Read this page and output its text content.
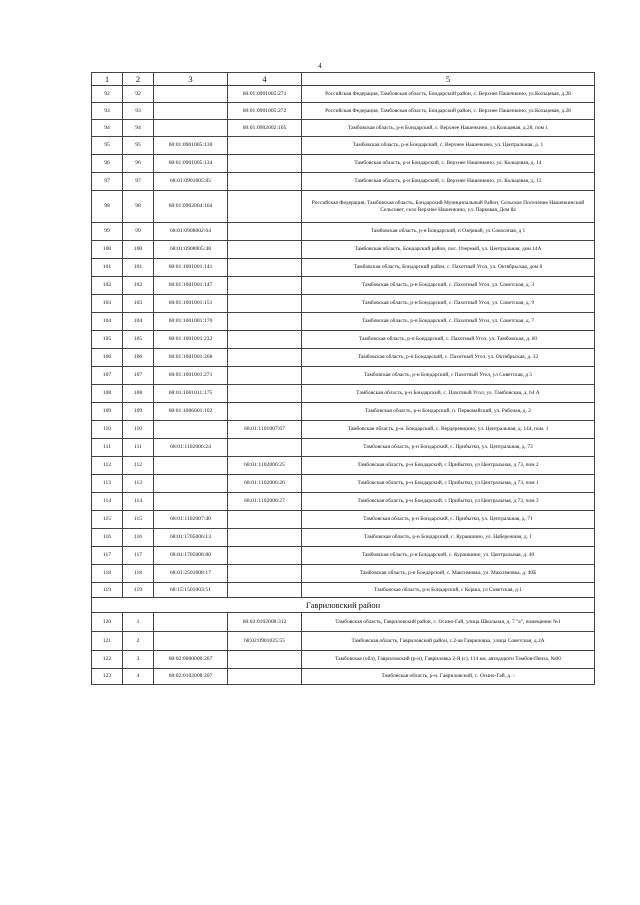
4
1	2	3	4	5
92	92		68:01:0901005:271	Российская Федерация, Тамбовская область, Бондарский район, с. Верхнее Пашенкино, ул.Кольцевая, д.28
93	93		68:01:0901005:272	Российская Федерация, Тамбовская область, Бондарский район, с. Верхнее Пашенкино, ул.Кольцевая, д.28
94	94		68:01:0902002:105	Тамбовская область, р-н Бондарский, с. Верхнее Нашенкино, ул.Кольцевая, д.28, пом 1
95	95	68:01:0901005:130		Тамбовская область, р-н Бондарский, с. Верхнее Нашенкино, ул. Центральная, д. 1
96	96	68:01:0901005:134		Тамбовская область, р-н Бондарский, с. Верхнее Нашенкино, ул. Кольцевая, д. 14
97	97	68:01:0901005:85		Тамбовская область, р-н Бондарский, с. Верхнее Нашенкино, ул. Кольцевая, д. 12
98	98	68:01:0902004:164		Российская Федерация, Тамбовская область, Бондарский Муниципальный Район, Сельское Поселение Нашенкинский Сельсовет, село Верхнее Нашенкино, ул. Парковая, Дом 8а
99	99	68:01:0908002:64		Тамбовская область, р-н Бондарский, п Озерный, ул Совхозная, д 1
100	100	68:01:0908005:48		Тамбовская область, Бондарский район, пос. Озерный, ул. Центральная, дом 14А
101	101	68:01:1001001:141		Тамбовская область, Бондарский район, с. Пахотный Угол, ул. Октябрьская, дом 8
102	102	68:01:1001001:147		Тамбовская область, р-н Бондарский, с. Пахотный Угол, ул. Советская, д. 3
103	103	68:01:1001001:151		Тамбовская область, р-н Бондарский, с. Пахотный Угол, ул. Советская, д. 9
104	104	68:01:1001001:170		Тамбовская область, р-н Бондарский, с. Пахотный Угол, ул. Советская, д. 7
105	105	68:01:1001001:232		Тамбовская область, р-н Бондарский, с. Пахотный Угол, ул. Тамбовская, д. 60
106	106	68:01:1001001:268		Тамбовская область, р-н Бондарский, с. Пахотный Угол, ул. Октябрьская, д. 32
107	107	68:01:1001001:271		Тамбовская область, р-н Бондарский, с Пахотный Угол, ул Советская, д 5
108	108	68:01:1001011:175		Тамбовская область, р-н Бондарский, с. Пахотный Угол, ул. Тамбовская, д. 64 А
109	109	68:01:1006001:102		Тамбовская область, р-н Бондарский, п. Первомайский, ул. Рабочая, д. 2
110	110		68:01:1101007:67	Тамбовская область, р-н. Бондарский, с. Вердеревщино, ул. Центральная, д. 144, пом. 1
111	111	68:01:1102006:24		Тамбовская область, р-н Бондарский, с. Прибытки, ул. Центральная, д. 73
112	112		68:01:1102006:25	Тамбовская область, р-н Бондарский, с Прибытки, ул Центральная, д 73, пом 2
113	113		68:01:1102006:26	Тамбовская область, р-н Бондарский, с Прибытки, ул Центральная, д 73, пом 1
114	114		68:01:1102006:27	Тамбовская область, р-н Бондарский, с Прибытки, ул Центральная, д 73, пом 3
115	115	68:01:1102007:40		Тамбовская область, р-н Бондарский, с. Прибытки, ул. Центральная, д. 71
116	116	68:01:1705006:13		Тамбовская область, р-н Бондарский, с. Кураншино, ул. Набережная, д. 1
117	117	68:01:1705006:80		Тамбовская область, р-н Бондарский, с. Кураншино, ул. Центральная, д. 40
118	118	68:01:2501008:17		Тамбовская область, р-н Бондарский, с. Максимовка, ул. Максимовка, д. 40Б
119	119	68:15:1501003:51		Тамбовская область, р-н Бондарский, с Керша, ул Советская, д 1
Гавриловский район				
120	1		68:02:0102008:312	Тамбовская область, Гавриловский район, с. Осино-Гай, улица Школьная, д. 7 "а", помещение №1
121	2		68:02:0901025:55	Тамбовская область, Гавриловский район, с.2-ая Гавриловка, улица Советская, д.2А
122	3	68:02:0000000:267		Тамбовская (обл), Гавриловский (р-н), Гавриловка 2-Я (с), 114 км. автодороги Тамбов-Пенза, №00
123	4	68:02:0102008:207		Тамбовская область, р-н. Гавриловский, с. Осино-Гай, д. -
